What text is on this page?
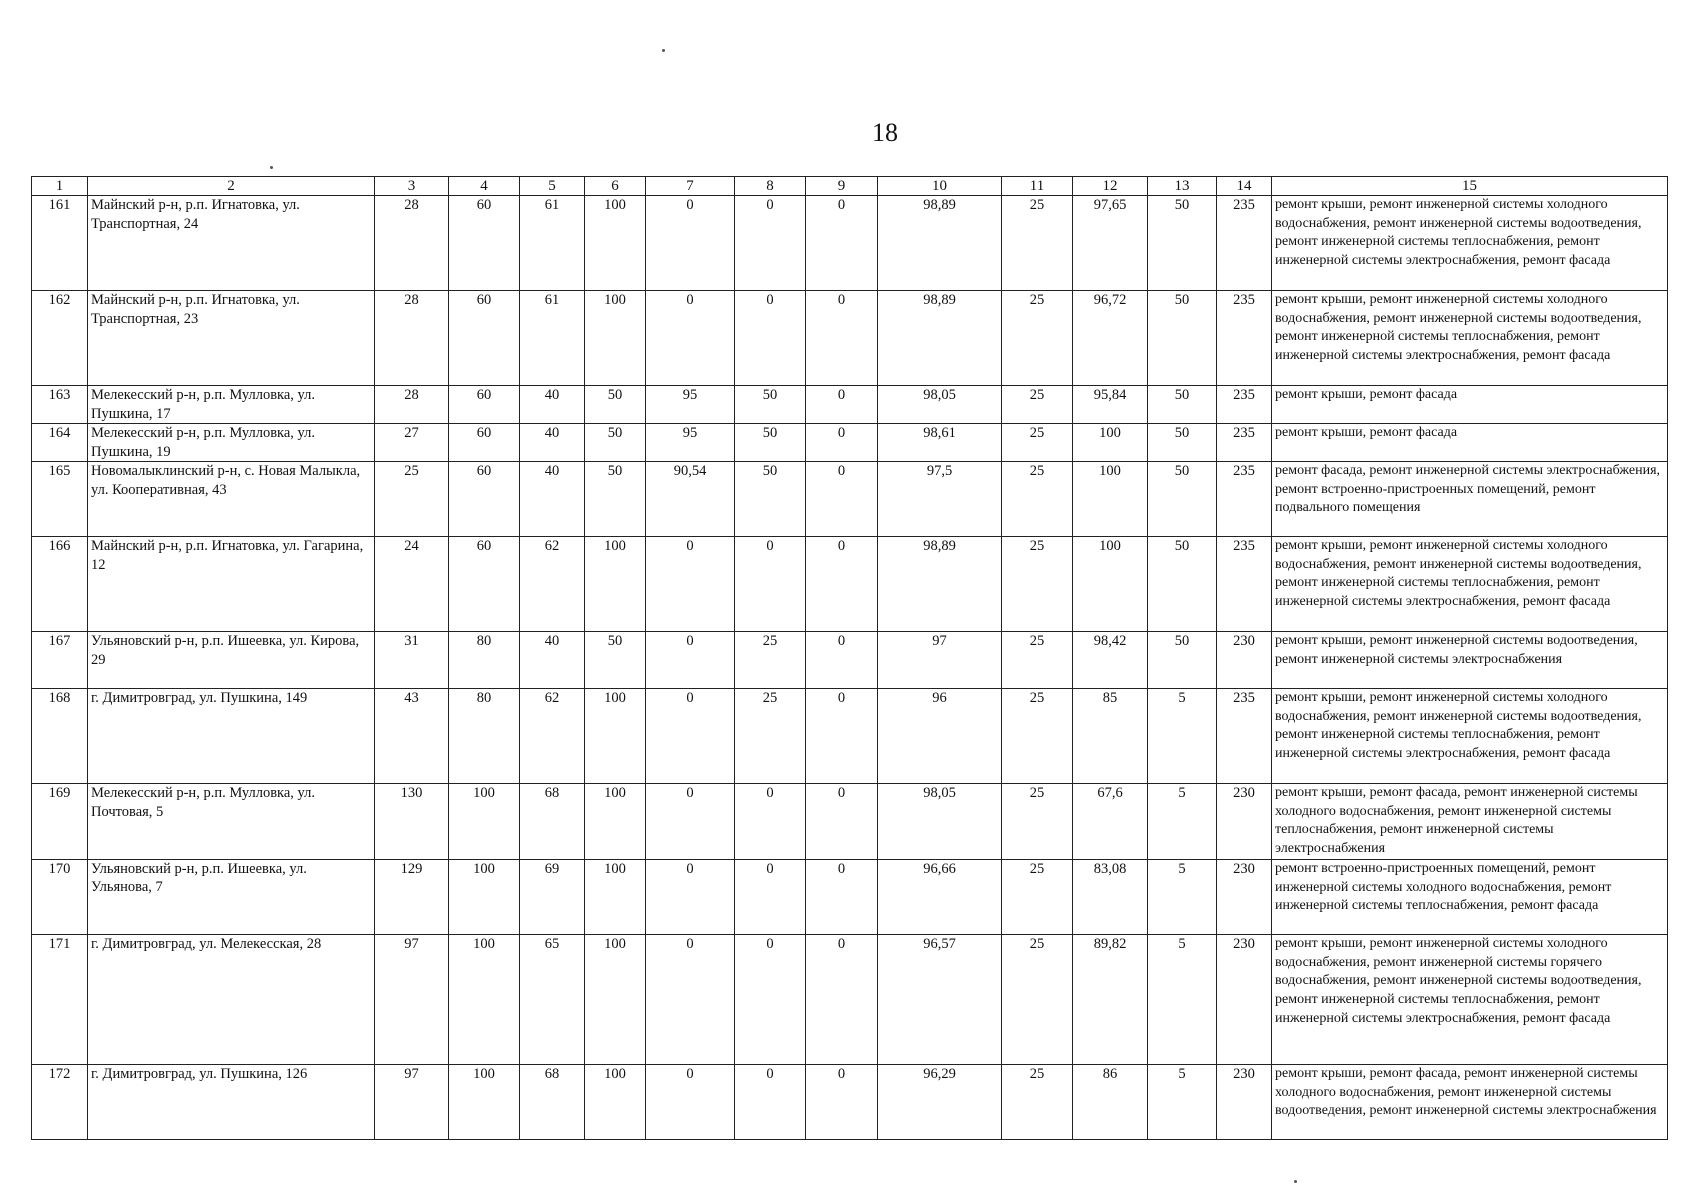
18
1	2	3	4	5	6	7	8	9	10	11	12	13	14	15
161	Майнский р-н, р.п. Игнатовка, ул. Транспортная, 24	28	60	61	100	0	0	0	98,89	25	97,65	50	235	ремонт крыши, ремонт инженерной системы холодного водоснабжения, ремонт инженерной системы водоотведения, ремонт инженерной системы теплоснабжения, ремонт инженерной системы электроснабжения, ремонт фасада
162	Майнский р-н, р.п. Игнатовка, ул. Транспортная, 23	28	60	61	100	0	0	0	98,89	25	96,72	50	235	ремонт крыши, ремонт инженерной системы холодного водоснабжения, ремонт инженерной системы водоотведения, ремонт инженерной системы теплоснабжения, ремонт инженерной системы электроснабжения, ремонт фасада
163	Мелекесский р-н, р.п. Мулловка, ул. Пушкина, 17	28	60	40	50	95	50	0	98,05	25	95,84	50	235	ремонт крыши, ремонт фасада
164	Мелекесский р-н, р.п. Мулловка, ул. Пушкина, 19	27	60	40	50	95	50	0	98,61	25	100	50	235	ремонт крыши, ремонт фасада
165	Новомалыклинский р-н, с. Новая Малыкла, ул. Кооперативная, 43	25	60	40	50	90,54	50	0	97,5	25	100	50	235	ремонт фасада, ремонт инженерной системы электроснабжения, ремонт встроенно-пристроенных помещений, ремонт подвального помещения
166	Майнский р-н, р.п. Игнатовка, ул. Гагарина, 12	24	60	62	100	0	0	0	98,89	25	100	50	235	ремонт крыши, ремонт инженерной системы холодного водоснабжения, ремонт инженерной системы водоотведения, ремонт инженерной системы теплоснабжения, ремонт инженерной системы электроснабжения, ремонт фасада
167	Ульяновский р-н, р.п. Ишеевка, ул. Кирова, 29	31	80	40	50	0	25	0	97	25	98,42	50	230	ремонт крыши, ремонт инженерной системы водоотведения, ремонт инженерной системы электроснабжения
168	г. Димитровград, ул. Пушкина, 149	43	80	62	100	0	25	0	96	25	85	5	235	ремонт крыши, ремонт инженерной системы холодного водоснабжения, ремонт инженерной системы водоотведения, ремонт инженерной системы теплоснабжения, ремонт инженерной системы электроснабжения, ремонт фасада
169	Мелекесский р-н, р.п. Мулловка, ул. Почтовая, 5	130	100	68	100	0	0	0	98,05	25	67,6	5	230	ремонт крыши, ремонт фасада, ремонт инженерной системы холодного водоснабжения, ремонт инженерной системы теплоснабжения, ремонт инженерной системы электроснабжения
170	Ульяновский р-н, р.п. Ишеевка, ул. Ульянова, 7	129	100	69	100	0	0	0	96,66	25	83,08	5	230	ремонт встроенно-пристроенных помещений, ремонт инженерной системы холодного водоснабжения, ремонт инженерной системы теплоснабжения, ремонт фасада
171	г. Димитровград, ул. Мелекесская, 28	97	100	65	100	0	0	0	96,57	25	89,82	5	230	ремонт крыши, ремонт инженерной системы холодного водоснабжения, ремонт инженерной системы горячего водоснабжения, ремонт инженерной системы водоотведения, ремонт инженерной системы теплоснабжения, ремонт инженерной системы электроснабжения, ремонт фасада
172	г. Димитровград, ул. Пушкина, 126	97	100	68	100	0	0	0	96,29	25	86	5	230	ремонт крыши, ремонт фасада, ремонт инженерной системы холодного водоснабжения, ремонт инженерной системы водоотведения, ремонт инженерной системы электроснабжения
